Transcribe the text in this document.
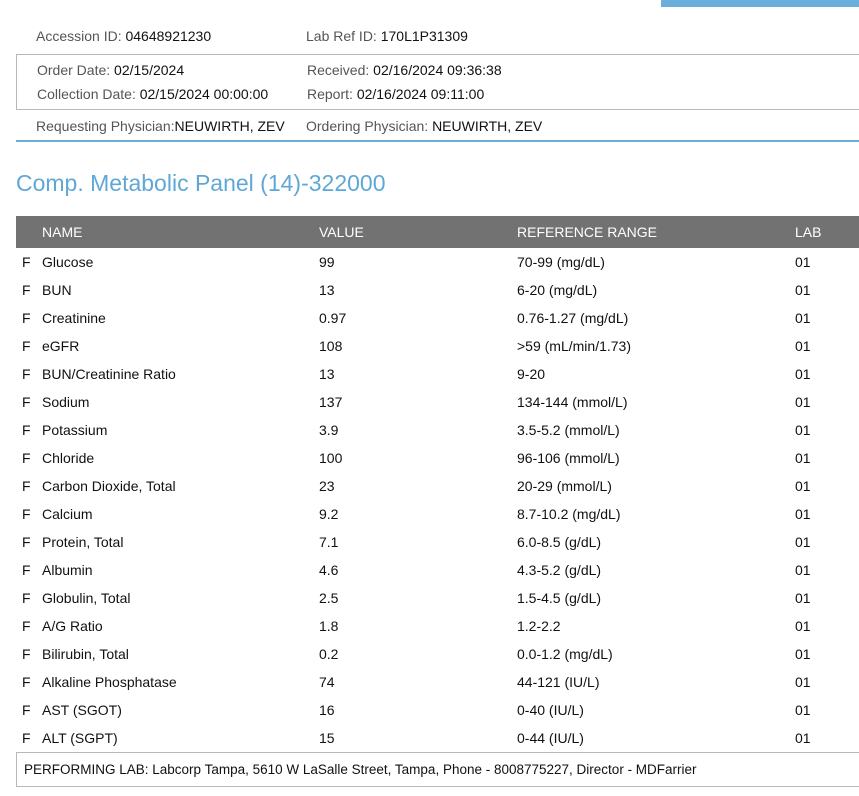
Accession ID: 04648921230	Lab Ref ID: 170L1P31309
Order Date: 02/15/2024	Received: 02/16/2024 09:36:38
Collection Date: 02/15/2024 00:00:00	Report: 02/16/2024 09:11:00
Requesting Physician:NEUWIRTH, ZEV Ordering Physician: NEUWIRTH, ZEV
Comp. Metabolic Panel (14)-322000
NAME	VALUE	REFERENCE RANGE	LAB
F Glucose	99	70-99 (mg/dL)	01
F BUN	13	6-20 (mg/dL)	01
F Creatinine	0.97	0.76-1.27 (mg/dL)	01
F eGFR	108	>59 (mL/min/1.73)	01
F BUN/Creatinine Ratio	13	9-20	01
F Sodium	137	134-144 (mmol/L)	01
F Potassium	3.9	3.5-5.2 (mmol/L)	01
F Chloride	100	96-106 (mmol/L)	01
F Carbon Dioxide, Total	23	20-29 (mmol/L)	01
F Calcium	9.2	8.7-10.2 (mg/dL)	01
F Protein, Total	7.1	6.0-8.5 (g/dL)	01
F Albumin	4.6	4.3-5.2 (g/dL)	01
F Globulin, Total	2.5	1.5-4.5 (g/dL)	01
F A/G Ratio	1.8	1.2-2.2	01
F Bilirubin, Total	0.2	0.0-1.2 (mg/dL)	01
F Alkaline Phosphatase	74	44-121 (IU/L)	01
F AST (SGOT)	16	0-40 (IU/L)	01
F ALT (SGPT)	15	0-44 (IU/L)	01
PERFORMING LAB: Labcorp Tampa, 5610 W LaSalle Street, Tampa, Phone - 8008775227, Director - MDFarrier
